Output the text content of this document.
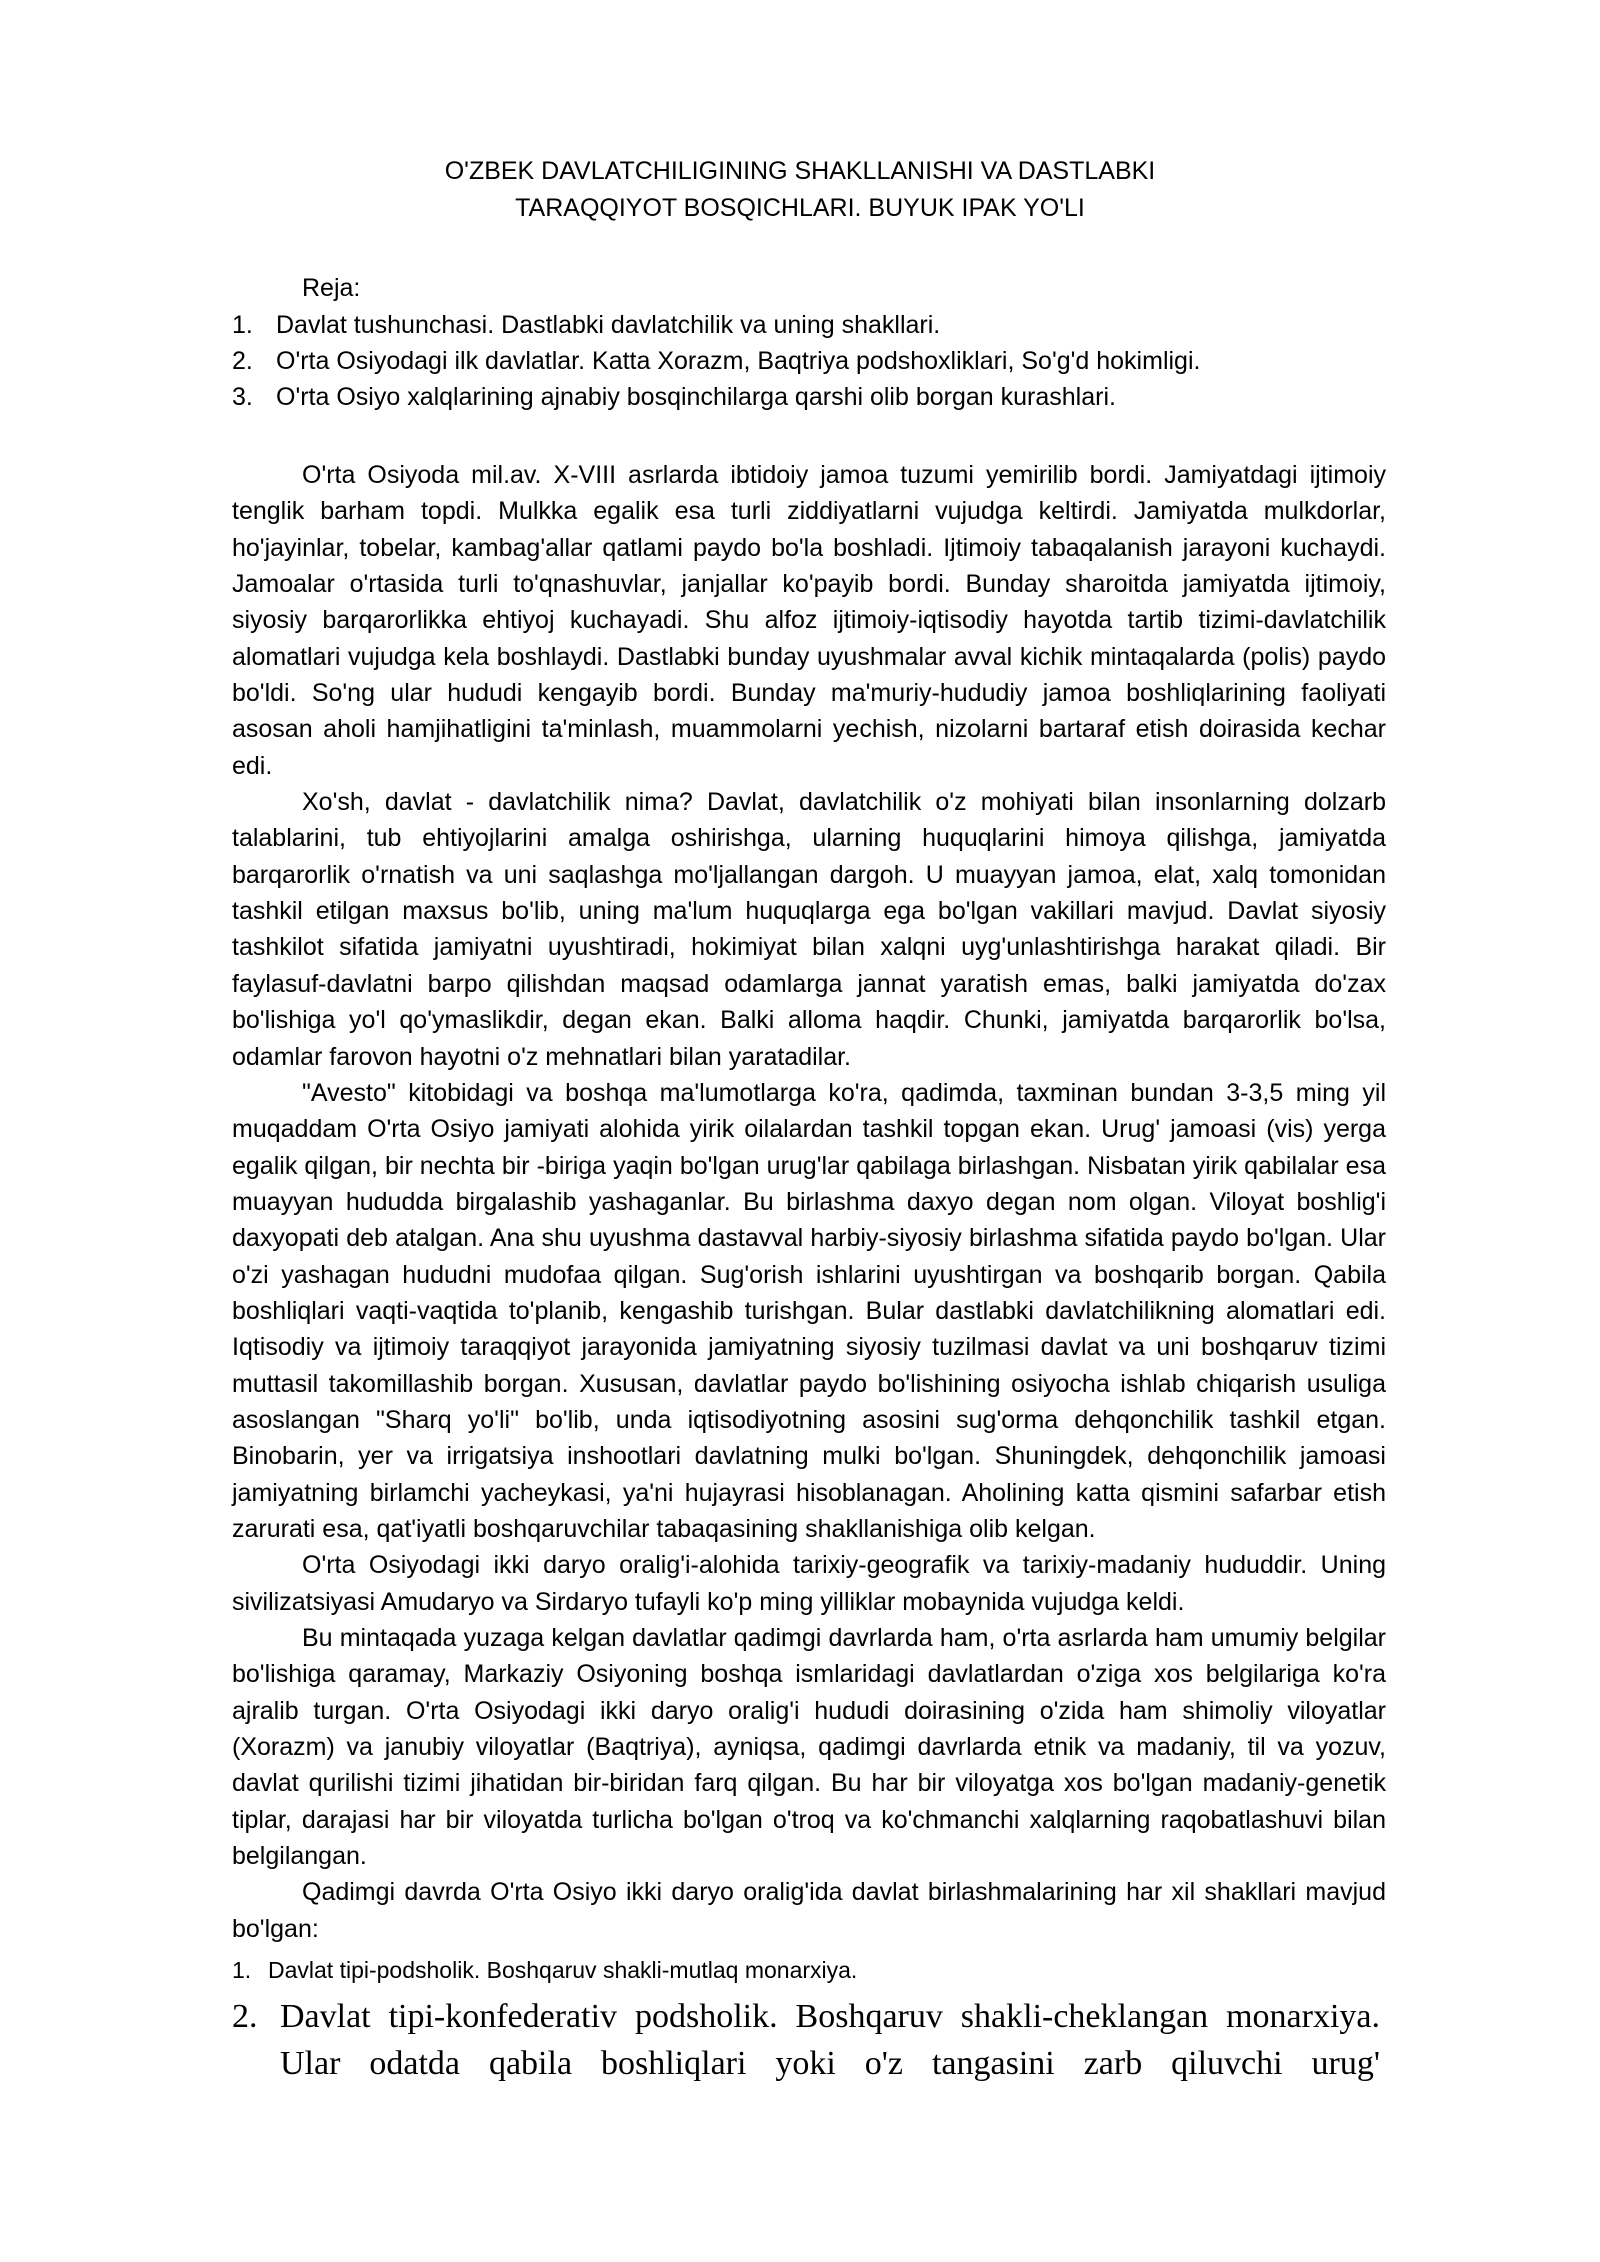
O'ZBEK DAVLATCHILIGINING SHAKLLANISHI VA DASTLABKI
TARAQQIYOT BOSQICHLARI. BUYUK IPAK YO'LI
Reja:
1. Davlat tushunchasi. Dastlabki davlatchilik va uning shakllari.
2. O'rta Osiyodagi ilk davlatlar. Katta Xorazm, Baqtriya podshoxliklari, So'g'd hokimligi.
3. O'rta Osiyo xalqlarining ajnabiy bosqinchilarga qarshi olib borgan kurashlari.

O'rta Osiyoda mil.av. X-VIII asrlarda ibtidoiy jamoa tuzumi yemirilib bordi. Jamiyatdagi ijtimoiy tenglik barham topdi. Mulkka egalik esa turli ziddiyatlarni vujudga keltirdi. Jamiyatda mulkdorlar, ho'jayinlar, tobelar, kambag'allar qatlami paydo bo'la boshladi. Ijtimoiy tabaqalanish jarayoni kuchaydi. Jamoalar o'rtasida turli to'qnashuvlar, janjallar ko'payib bordi. Bunday sharoitda jamiyatda ijtimoiy, siyosiy barqarorlikka ehtiyoj kuchayadi. Shu alfoz ijtimoiy-iqtisodiy hayotda tartib tizimi-davlatchilik alomatlari vujudga kela boshlaydi. Dastlabki bunday uyushmalar avval kichik mintaqalarda (polis) paydo bo'ldi. So'ng ular hududi kengayib bordi. Bunday ma'muriy-hududiy jamoa boshliqlarining faoliyati asosan aholi hamjihatligini ta'minlash, muammolarni yechish, nizolarni bartaraf etish doirasida kechar edi.

Xo'sh, davlat - davlatchilik nima? Davlat, davlatchilik o'z mohiyati bilan insonlarning dolzarb talablarini, tub ehtiyojlarini amalga oshirishga, ularning huquqlarini himoya qilishga, jamiyatda barqarorlik o'rnatish va uni saqlashga mo'ljallangan dargoh. U muayyan jamoa, elat, xalq tomonidan tashkil etilgan maxsus bo'lib, uning ma'lum huquqlarga ega bo'lgan vakillari mavjud. Davlat siyosiy tashkilot sifatida jamiyatni uyushtiradi, hokimiyat bilan xalqni uyg'unlashtirishga harakat qiladi. Bir faylasuf-davlatni barpo qilishdan maqsad odamlarga jannat yaratish emas, balki jamiyatda do'zax bo'lishiga yo'l qo'ymaslikdir, degan ekan. Balki alloma haqdir. Chunki, jamiyatda barqarorlik bo'lsa, odamlar farovon hayotni o'z mehnatlari bilan yaratadilar.

"Avesto" kitobidagi va boshqa ma'lumotlarga ko'ra, qadimda, taxminan bundan 3-3,5 ming yil muqaddam O'rta Osiyo jamiyati alohida yirik oilalardan tashkil topgan ekan. Urug' jamoasi (vis) yerga egalik qilgan, bir nechta bir -biriga yaqin bo'lgan urug'lar qabilaga birlashgan. Nisbatan yirik qabilalar esa muayyan hududda birgalashib yashaganlar. Bu birlashma daxyo degan nom olgan. Viloyat boshlig'i daxyopati deb atalgan. Ana shu uyushma dastavval harbiy-siyosiy birlashma sifatida paydo bo'lgan. Ular o'zi yashagan hududni mudofaa qilgan. Sug'orish ishlarini uyushtirgan va boshqarib borgan. Qabila boshliqlari vaqti-vaqtida to'planib, kengashib turishgan. Bular dastlabki davlatchilikning alomatlari edi. Iqtisodiy va ijtimoiy taraqqiyot jarayonida jamiyatning siyosiy tuzilmasi davlat va uni boshqaruv tizimi muttasil takomillashib borgan. Xususan, davlatlar paydo bo'lishining osiyocha ishlab chiqarish usuliga asoslangan "Sharq yo'li" bo'lib, unda iqtisodiyotning asosini sug'orma dehqonchilik tashkil etgan. Binobarin, yer va irrigatsiya inshootlari davlatning mulki bo'lgan. Shuningdek, dehqonchilik jamoasi jamiyatning birlamchi yacheykasi, ya'ni hujayrasi hisoblanagan. Aholining katta qismini safarbar etish zarurati esa, qat'iyatli boshqaruvchilar tabaqasining shakllanishiga olib kelgan.

O'rta Osiyodagi ikki daryo oralig'i-alohida tarixiy-geografik va tarixiy-madaniy hududdir. Uning sivilizatsiyasi Amudaryo va Sirdaryo tufayli ko'p ming yilliklar mobaynida vujudga keldi.

Bu mintaqada yuzaga kelgan davlatlar qadimgi davrlarda ham, o'rta asrlarda ham umumiy belgilar bo'lishiga qaramay, Markaziy Osiyoning boshqa ismlaridagi davlatlardan o'ziga xos belgilariga ko'ra ajralib turgan. O'rta Osiyodagi ikki daryo oralig'i hududi doirasining o'zida ham shimoliy viloyatlar (Xorazm) va janubiy viloyatlar (Baqtriya), ayniqsa, qadimgi davrlarda etnik va madaniy, til va yozuv, davlat qurilishi tizimi jihatidan bir-biridan farq qilgan. Bu har bir viloyatga xos bo'lgan madaniy-genetik tiplar, darajasi har bir viloyatda turlicha bo'lgan o'troq va ko'chmanchi xalqlarning raqobatlashuvi bilan belgilangan.

Qadimgi davrda O'rta Osiyo ikki daryo oralig'ida davlat birlashmalarining har xil shakllari mavjud bo'lgan:

1. Davlat tipi-podsholik. Boshqaruv shakli-mutlaq monarxiya.
2. Davlat tipi-konfederativ podsholik. Boshqaruv shakli-cheklangan monarxiya.
Ular odatda qabila boshliqlari yoki o'z tangasini zarb qiluvchi urug'
